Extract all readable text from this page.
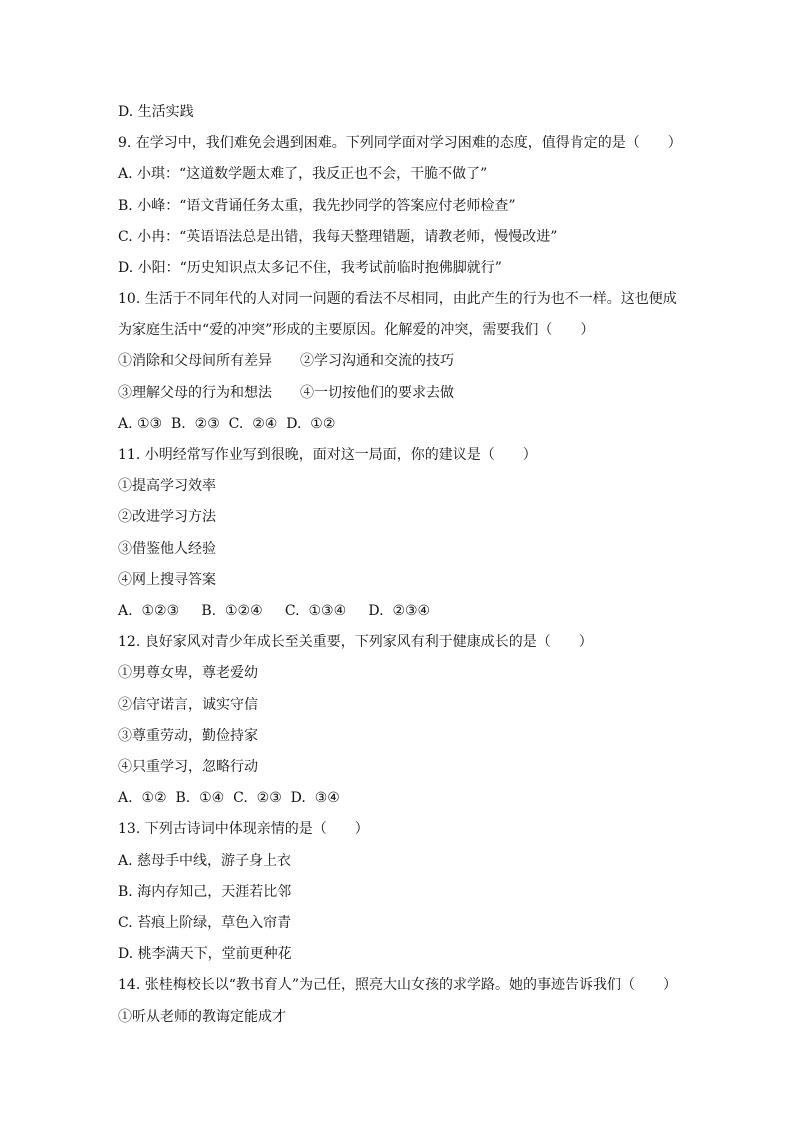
D. 生活实践
9. 在学习中，我们难免会遇到困难。下列同学面对学习困难的态度，值得肯定的是（　　）
A. 小琪：“这道数学题太难了，我反正也不会，干脆不做了”
B. 小峰：“语文背诵任务太重，我先抄同学的答案应付老师检查”
C. 小冉：“英语语法总是出错，我每天整理错题，请教老师，慢慢改进”
D. 小阳：“历史知识点太多记不住，我考试前临时抱佛脚就行”
10. 生活于不同年代的人对同一问题的看法不尽相同，由此产生的行为也不一样。这也便成
为家庭生活中“爱的冲突”形成的主要原因。化解爱的冲突，需要我们（　　）
①消除和父母间所有差异　　②学习沟通和交流的技巧
③理解父母的行为和想法　　④一切按他们的要求去做
A. ①③  B.  ②③  C.  ②④  D.  ①②
11. 小明经常写作业写到很晚，面对这一局面，你的建议是（　　）
①提高学习效率
②改进学习方法
③借鉴他人经验
④网上搜寻答案
A.  ①②③     B.  ①②④     C.  ①③④     D.  ②③④
12. 良好家风对青少年成长至关重要，下列家风有利于健康成长的是（　　）
①男尊女卑，尊老爱幼
②信守诺言，诚实守信
③尊重劳动，勤俭持家
④只重学习，忽略行动
A.  ①②  B.  ①④  C.  ②③  D.  ③④
13. 下列古诗词中体现亲情的是（　　）
A. 慈母手中线，游子身上衣
B. 海内存知己，天涯若比邻
C. 苔痕上阶绿，草色入帘青
D. 桃李满天下，堂前更种花
14. 张桂梅校长以“教书育人”为己任，照亮大山女孩的求学路。她的事迹告诉我们（　　）
①听从老师的教诲定能成才
